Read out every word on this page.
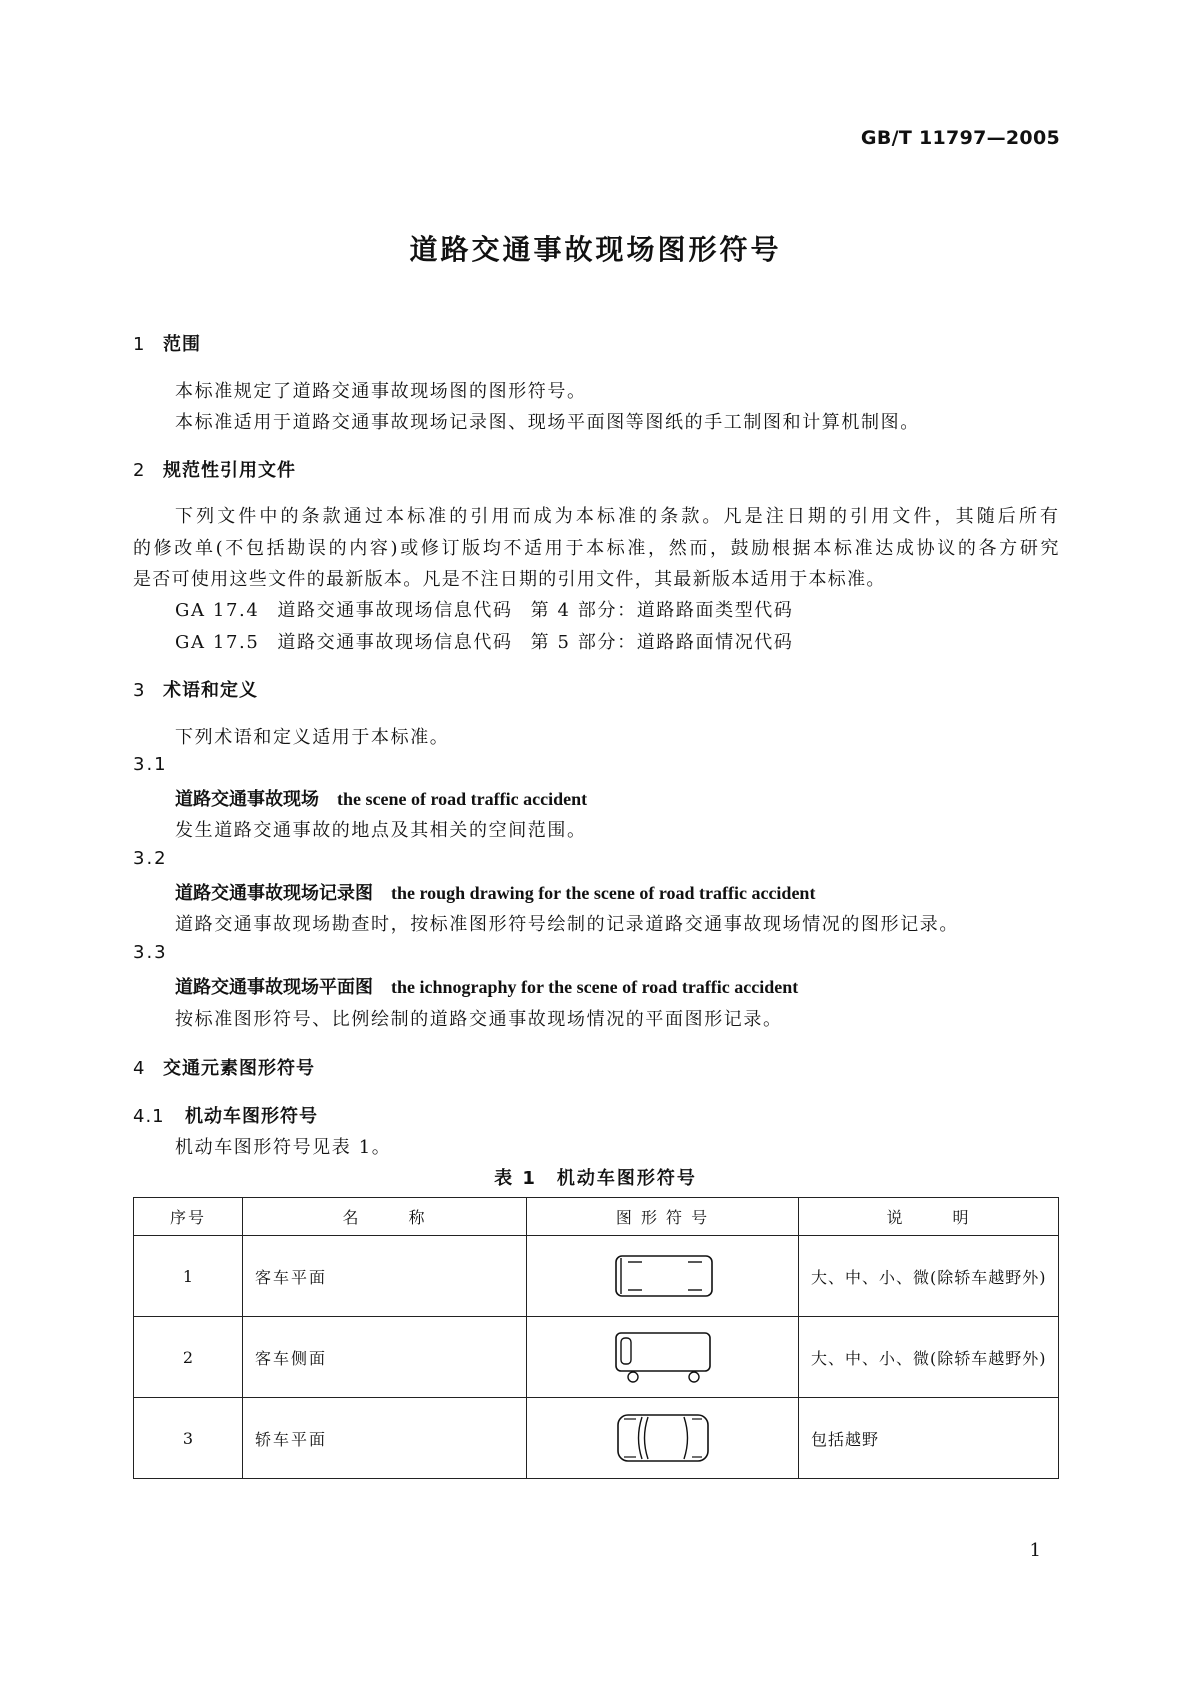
GB/T 11797—2005
道路交通事故现场图形符号
1 范围
本标准规定了道路交通事故现场图的图形符号。
本标准适用于道路交通事故现场记录图、现场平面图等图纸的手工制图和计算机制图。
2 规范性引用文件
下列文件中的条款通过本标准的引用而成为本标准的条款。凡是注日期的引用文件，其随后所有
的修改单(不包括勘误的内容)或修订版均不适用于本标准，然而，鼓励根据本标准达成协议的各方研究
是否可使用这些文件的最新版本。凡是不注日期的引用文件，其最新版本适用于本标准。
GA 17.4 道路交通事故现场信息代码 第 4 部分：道路路面类型代码
GA 17.5 道路交通事故现场信息代码 第 5 部分：道路路面情况代码
3 术语和定义
下列术语和定义适用于本标准。
3.1
道路交通事故现场 the scene of road traffic accident
发生道路交通事故的地点及其相关的空间范围。
3.2
道路交通事故现场记录图 the rough drawing for the scene of road traffic accident
道路交通事故现场勘查时，按标准图形符号绘制的记录道路交通事故现场情况的图形记录。
3.3
道路交通事故现场平面图 the ichnography for the scene of road traffic accident
按标准图形符号、比例绘制的道路交通事故现场情况的平面图形记录。
4 交通元素图形符号
4.1 机动车图形符号
机动车图形符号见表 1。
表 1　机动车图形符号
序号	名 称	图 形 符 号	说 明
1	客车平面		大、中、小、微(除轿车越野外)
2	客车侧面		大、中、小、微(除轿车越野外)
3	轿车平面		包括越野
1
